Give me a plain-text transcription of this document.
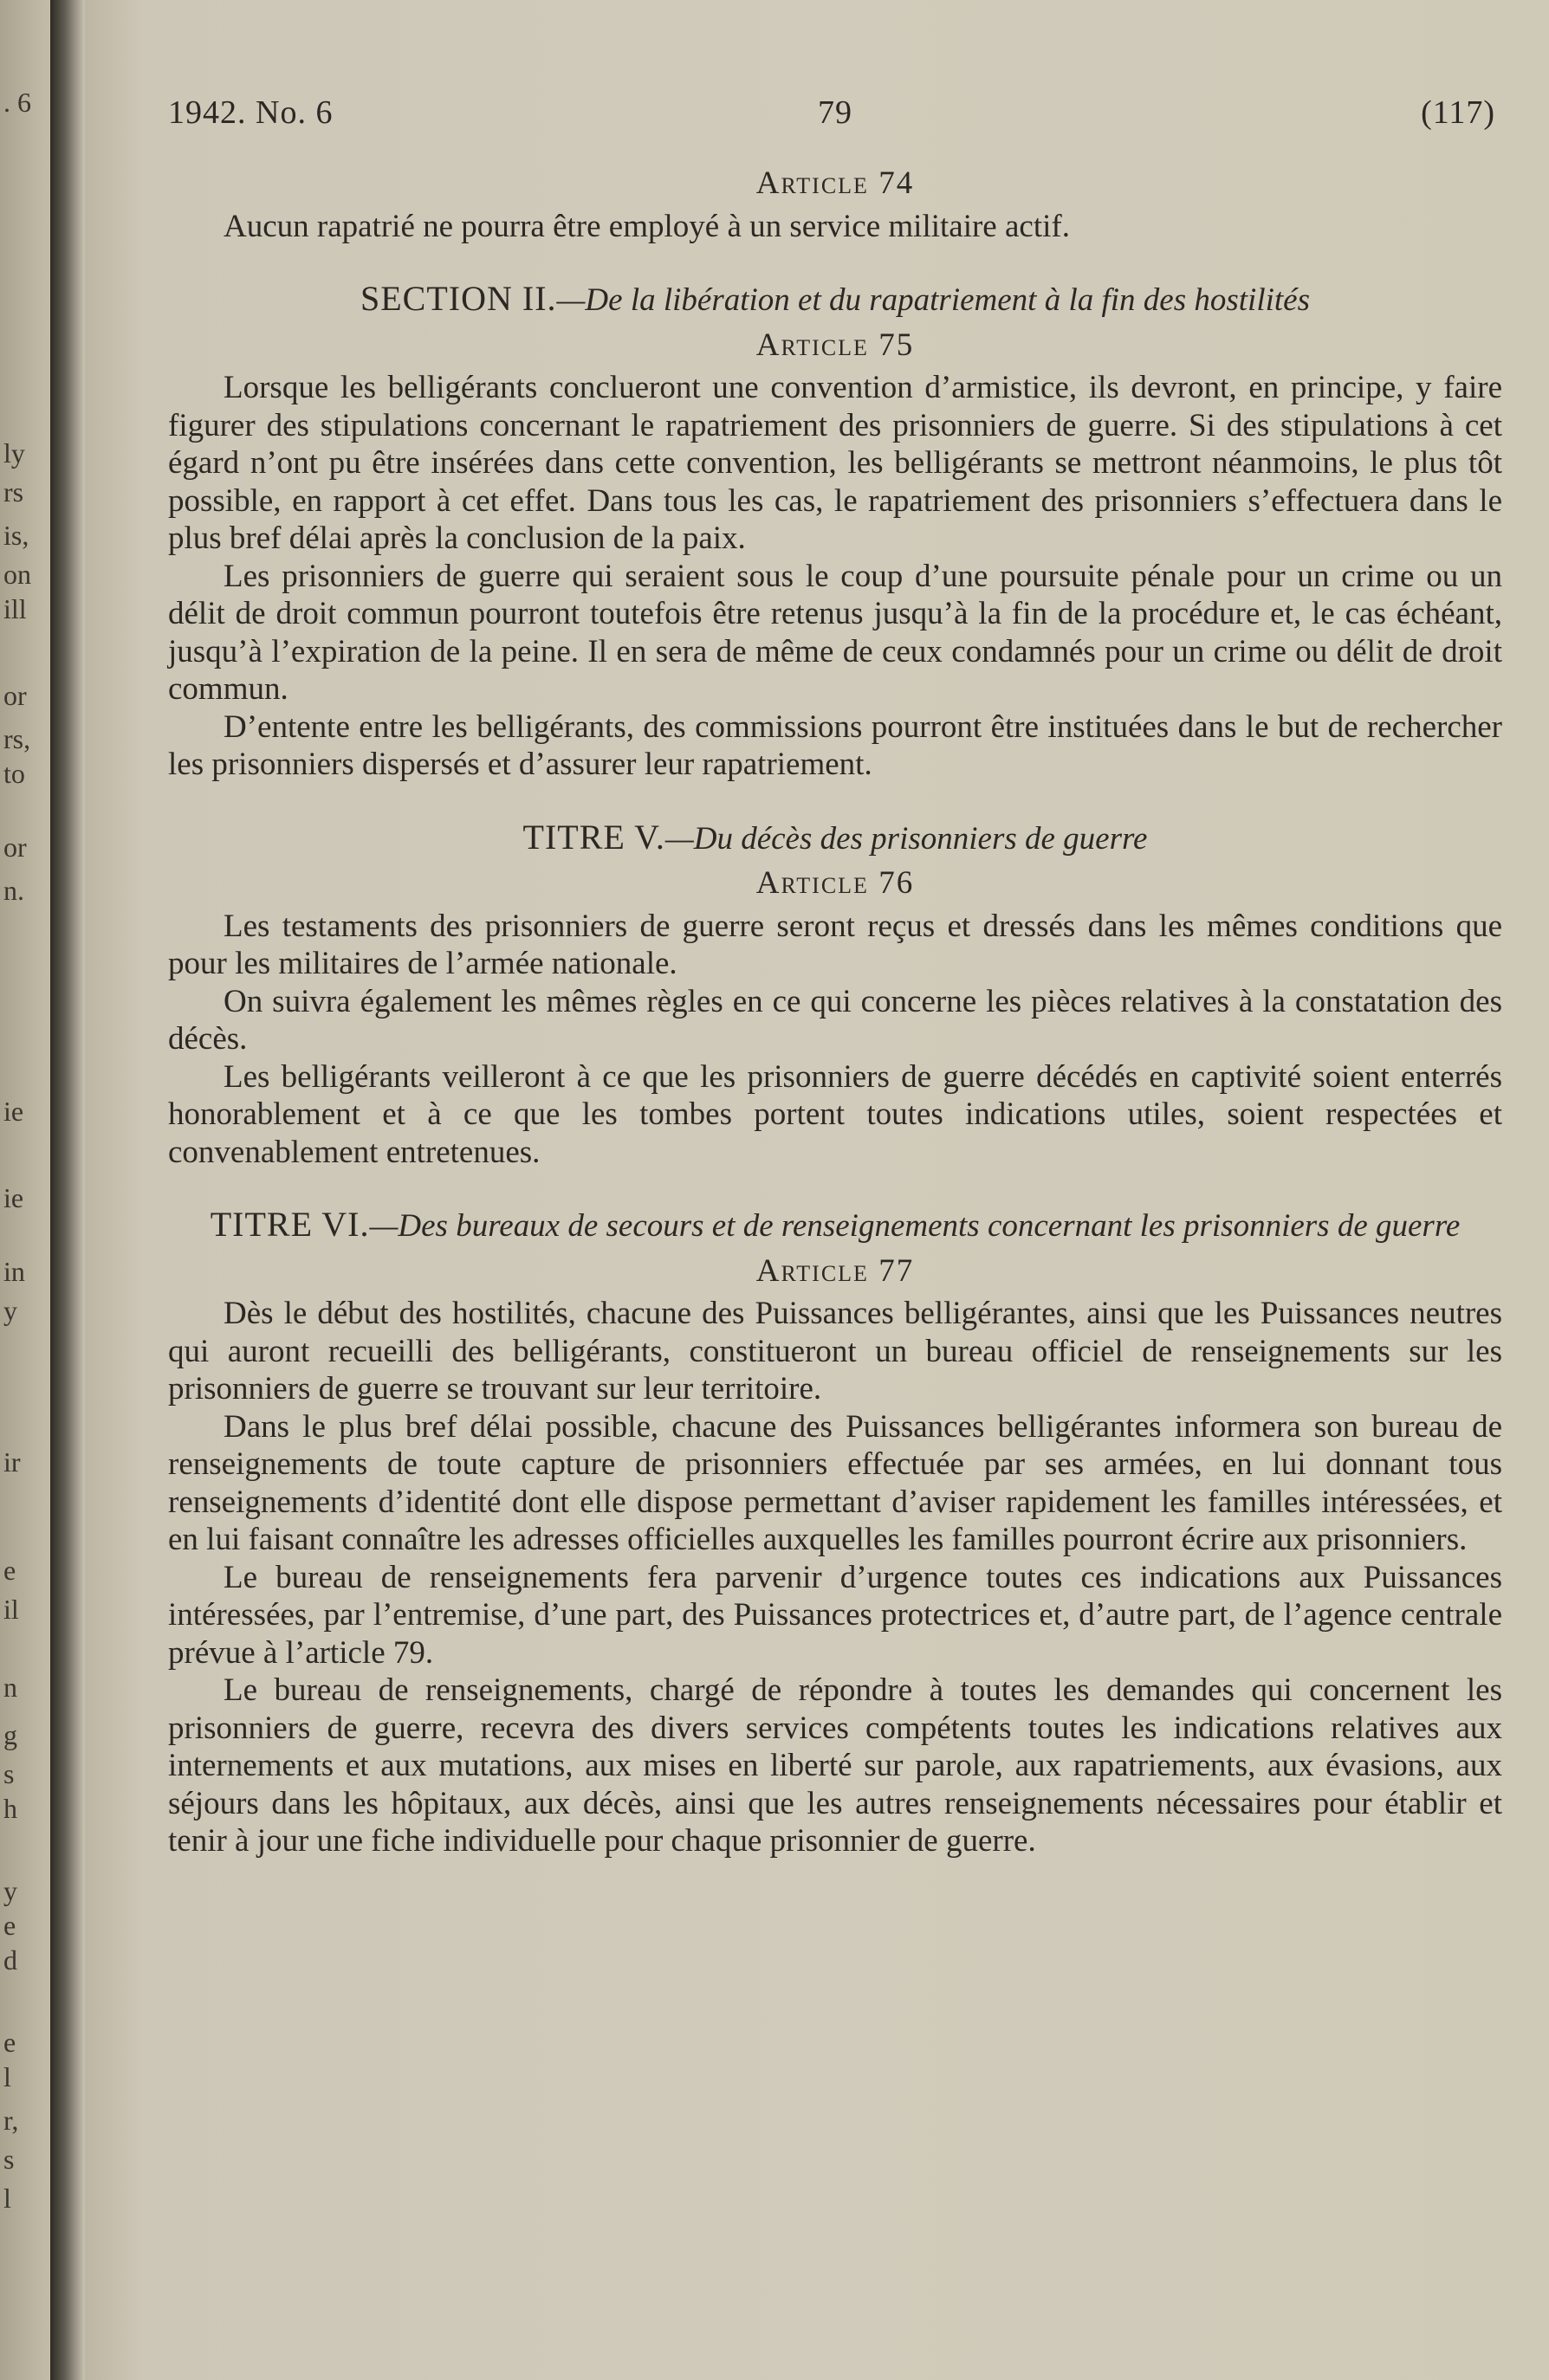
. 6
ly
rs
is,
on
ill
or
rs,
to
or
n.
ie
ie
in
y
ir
e
il
n
g
s
h
y
e
d
e
l
r,
s
l
1942. No. 6	79	(117)
Article 74

Aucun rapatrié ne pourra être employé à un service militaire actif.

SECTION II.—De la libération et du rapatriement à la fin des hostilités
Article 75

Lorsque les belligérants conclueront une convention d’armistice, ils devront, en principe, y faire figurer des stipulations concernant le rapatriement des prisonniers de guerre. Si des stipulations à cet égard n’ont pu être insérées dans cette convention, les belligérants se mettront néanmoins, le plus tôt possible, en rapport à cet effet. Dans tous les cas, le rapatriement des prisonniers s’effectuera dans le plus bref délai après la conclusion de la paix.

Les prisonniers de guerre qui seraient sous le coup d’une poursuite pénale pour un crime ou un délit de droit commun pourront toutefois être retenus jusqu’à la fin de la procédure et, le cas échéant, jusqu’à l’expiration de la peine. Il en sera de même de ceux condamnés pour un crime ou délit de droit commun.

D’entente entre les belligérants, des commissions pourront être instituées dans le but de rechercher les prisonniers dispersés et d’assurer leur rapatriement.

TITRE V.—Du décès des prisonniers de guerre
Article 76

Les testaments des prisonniers de guerre seront reçus et dressés dans les mêmes conditions que pour les militaires de l’armée nationale.

On suivra également les mêmes règles en ce qui concerne les pièces relatives à la constatation des décès.

Les belligérants veilleront à ce que les prisonniers de guerre décédés en captivité soient enterrés honorablement et à ce que les tombes portent toutes indications utiles, soient respectées et convenablement entretenues.

TITRE VI.—Des bureaux de secours et de renseignements concernant les prisonniers de guerre
Article 77

Dès le début des hostilités, chacune des Puissances belligérantes, ainsi que les Puissances neutres qui auront recueilli des belligérants, constitueront un bureau officiel de renseignements sur les prisonniers de guerre se trouvant sur leur territoire.

Dans le plus bref délai possible, chacune des Puissances belligérantes informera son bureau de renseignements de toute capture de prisonniers effectuée par ses armées, en lui donnant tous renseignements d’identité dont elle dispose permettant d’aviser rapidement les familles intéressées, et en lui faisant connaître les adresses officielles auxquelles les familles pourront écrire aux prisonniers.

Le bureau de renseignements fera parvenir d’urgence toutes ces indications aux Puissances intéressées, par l’entremise, d’une part, des Puissances protectrices et, d’autre part, de l’agence centrale prévue à l’article 79.

Le bureau de renseignements, chargé de répondre à toutes les demandes qui concernent les prisonniers de guerre, recevra des divers services compétents toutes les indications relatives aux internements et aux mutations, aux mises en liberté sur parole, aux rapatriements, aux évasions, aux séjours dans les hôpitaux, aux décès, ainsi que les autres renseignements nécessaires pour établir et tenir à jour une fiche individuelle pour chaque prisonnier de guerre.
